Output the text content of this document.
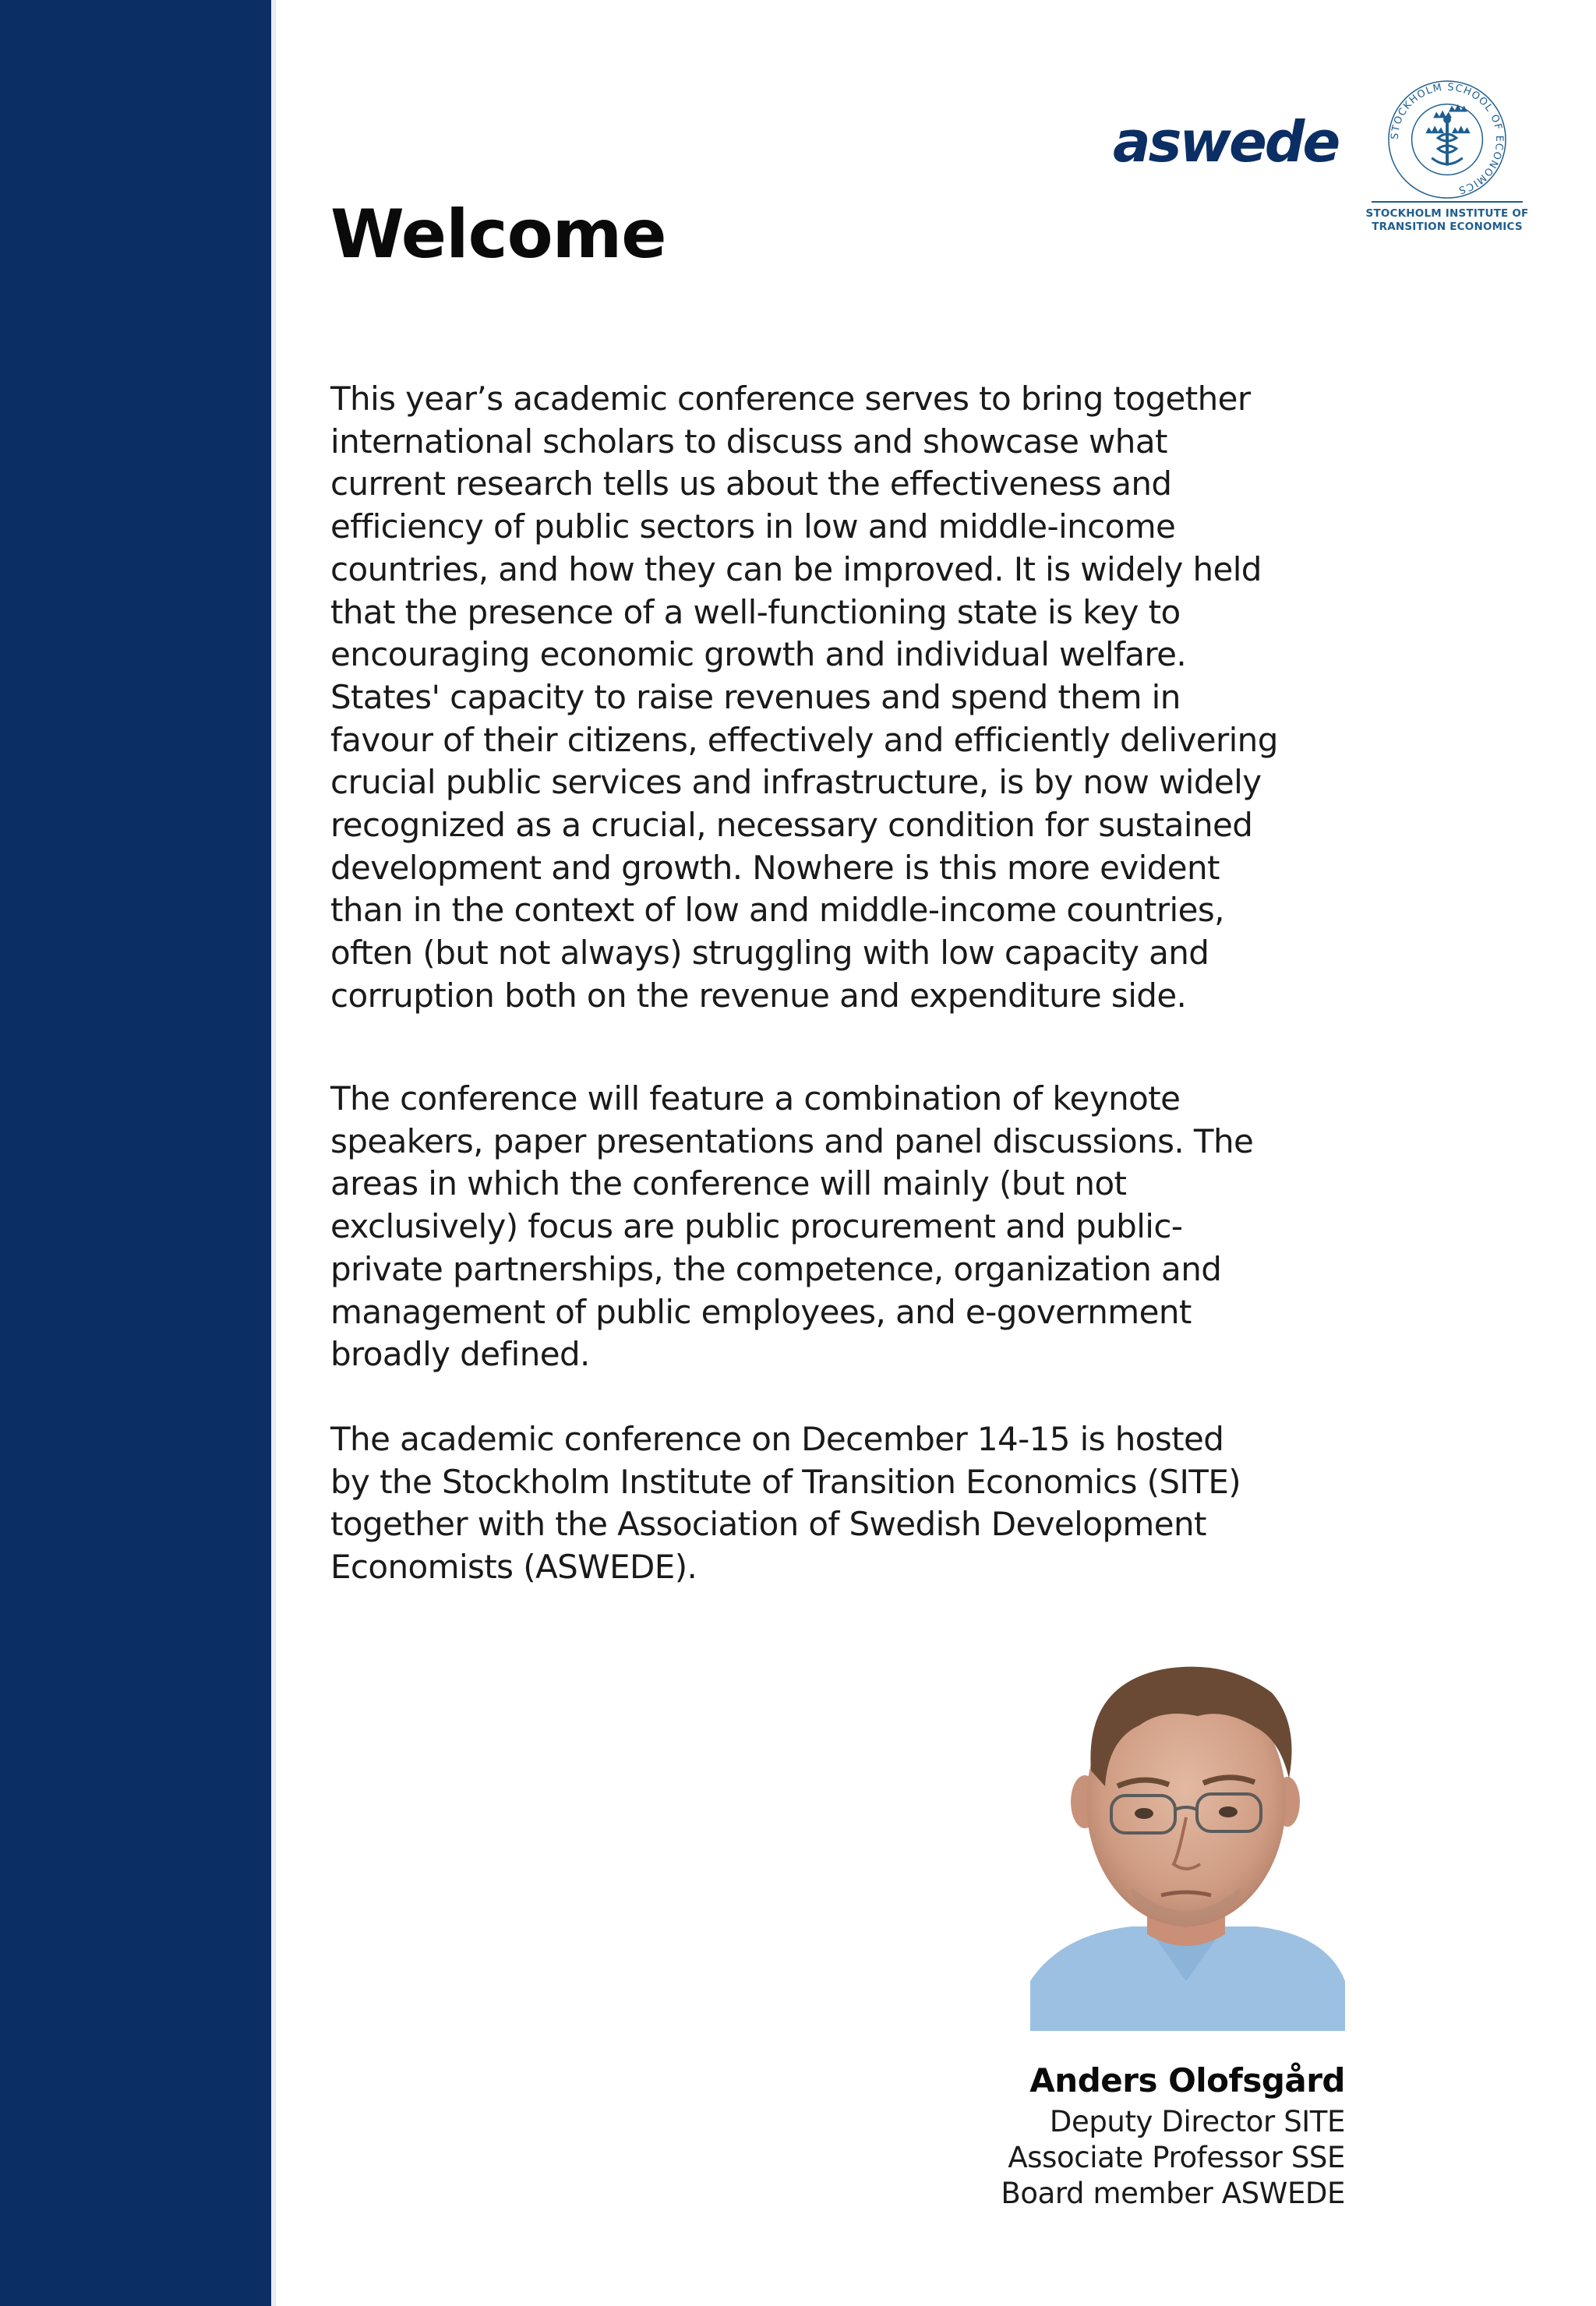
aswede	STOCKHOLM SCHOOL OF ECONOMICS
STOCKHOLM INSTITUTE OF
TRANSITION ECONOMICS
Welcome

This year’s academic conference serves to bring together
international scholars to discuss and showcase what
current research tells us about the effectiveness and
efficiency of public sectors in low and middle-income
countries, and how they can be improved. It is widely held
that the presence of a well-functioning state is key to
encouraging economic growth and individual welfare.
States' capacity to raise revenues and spend them in
favour of their citizens, effectively and efficiently delivering
crucial public services and infrastructure, is by now widely
recognized as a crucial, necessary condition for sustained
development and growth. Nowhere is this more evident
than in the context of low and middle-income countries,
often (but not always) struggling with low capacity and
corruption both on the revenue and expenditure side.

The conference will feature a combination of keynote
speakers, paper presentations and panel discussions. The
areas in which the conference will mainly (but not
exclusively) focus are public procurement and public-
private partnerships, the competence, organization and
management of public employees, and e-government
broadly defined.

The academic conference on December 14-15 is hosted
by the Stockholm Institute of Transition Economics (SITE)
together with the Association of Swedish Development
Economists (ASWEDE).

Anders Olofsgård
Deputy Director SITE
Associate Professor SSE
Board member ASWEDE
